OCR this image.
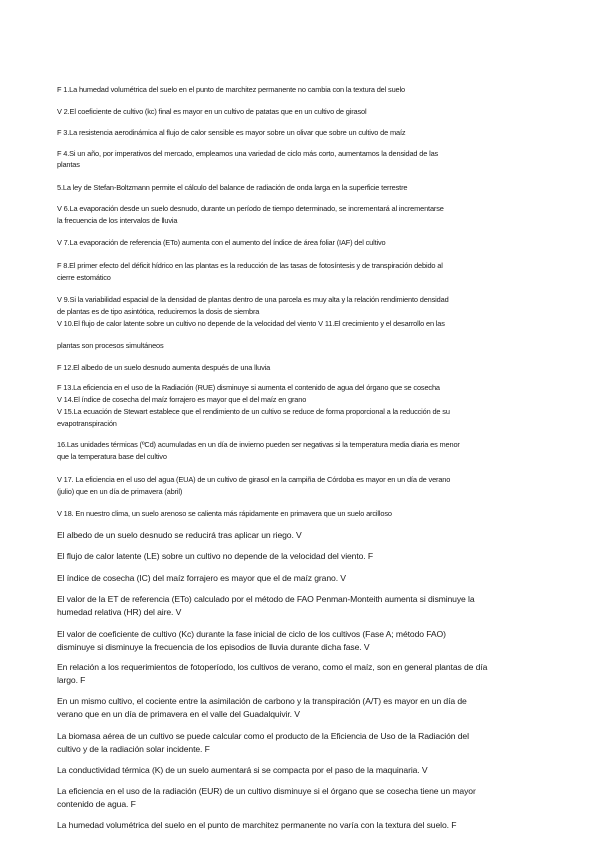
F 1.La humedad volumétrica del suelo en el punto de marchitez permanente no cambia con la textura del suelo
V 2.El coeficiente de cultivo (kc) final es mayor en un cultivo de patatas que en un cultivo de girasol
F 3.La resistencia aerodinámica al flujo de calor sensible es mayor sobre un olivar que sobre un cultivo de maíz
F 4.Si un año, por imperativos del mercado, empleamos una variedad de ciclo más corto, aumentamos la densidad de las
plantas
5.La ley de Stefan-Boltzmann permite el cálculo del balance de radiación de onda larga en la superficie terrestre
V 6.La evaporación desde un suelo desnudo, durante un período de tiempo determinado, se incrementará al incrementarse
la frecuencia de los intervalos de lluvia
V 7.La evaporación de referencia (ETo) aumenta con el aumento del índice de área foliar (IAF) del cultivo
F 8.El primer efecto del déficit hídrico en las plantas es la reducción de las tasas de fotosíntesis y de transpiración debido al
cierre estomático
V 9.Si la variabilidad espacial de la densidad de plantas dentro de una parcela es muy alta y la relación rendimiento densidad
de plantas es de tipo asintótica, reduciremos la dosis de siembra
V 10.El flujo de calor latente sobre un cultivo no depende de la velocidad del viento V 11.El crecimiento y el desarrollo en las
plantas son procesos simultáneos
F 12.El albedo de un suelo desnudo aumenta después de una lluvia
F 13.La eficiencia en el uso de la Radiación (RUE) disminuye si aumenta el contenido de agua del órgano que se cosecha
V 14.El índice de cosecha del maíz forrajero es mayor que el del maíz en grano
V 15.La ecuación de Stewart establece que el rendimiento de un cultivo se reduce de forma proporcional a la reducción de su
evapotranspiración
16.Las unidades térmicas (ºCd) acumuladas en un día de invierno pueden ser negativas si la temperatura media diaria es menor
que la temperatura base del cultivo
V 17. La eficiencia en el uso del agua (EUA) de un cultivo de girasol en la campiña de Córdoba es mayor en un día de verano
(julio) que en un día de primavera (abril)
V 18. En nuestro clima, un suelo arenoso se calienta más rápidamente en primavera que un suelo arcilloso
El albedo de un suelo desnudo se reducirá tras aplicar un riego. V
El flujo de calor latente (LE) sobre un cultivo no depende de la velocidad del viento. F
El índice de cosecha (IC) del maíz forrajero es mayor que el de maíz grano. V
El valor de la ET de referencia (ETo) calculado por el método de FAO Penman-Monteith aumenta si disminuye la
humedad relativa (HR) del aire. V
El valor de coeficiente de cultivo (Kc) durante la fase inicial de ciclo de los cultivos (Fase A; método FAO)
disminuye si disminuye la frecuencia de los episodios de lluvia durante dicha fase. V
En relación a los requerimientos de fotoperíodo, los cultivos de verano, como el maíz, son en general plantas de día
largo. F
En un mismo cultivo, el cociente entre la asimilación de carbono y la transpiración (A/T) es mayor en un día de
verano que en un día de primavera en el valle del Guadalquivir. V
La biomasa aérea de un cultivo se puede calcular como el producto de la Eficiencia de Uso de la Radiación del
cultivo y de la radiación solar incidente. F
La conductividad térmica (K) de un suelo aumentará si se compacta por el paso de la maquinaria. V
La eficiencia en el uso de la radiación (EUR) de un cultivo disminuye si el órgano que se cosecha tiene un mayor
contenido de agua. F
La humedad volumétrica del suelo en el punto de marchitez permanente no varía con la textura del suelo. F
